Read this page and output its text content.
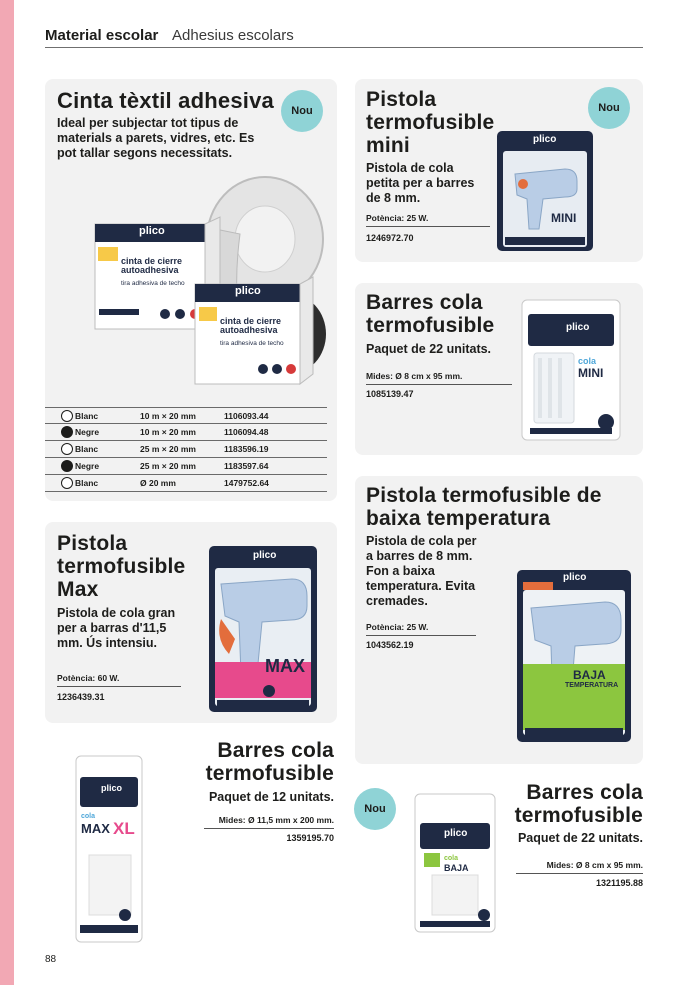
Material escolar Adhesius escolars
Cinta tèxtil adhesiva
Ideal per subjectar tot tipus de materials a parets, vidres, etc. Es pot tallar segons necessitats.
Nou
plico
cinta de cierre autoadhesiva
tira adhesiva de techo
plico
cinta de cierre autoadhesiva
tira adhesiva de techo
Blanc	10 m × 20 mm	1106093.44
Negre	10 m × 20 mm	1106094.48
Blanc	25 m × 20 mm	1183596.19
Negre	25 m × 20 mm	1183597.64
Blanc	Ø 20 mm	1479752.64
Pistola
termofusible
mini
Pistola de cola petita per a barres de 8 mm.
Potència: 25 W.
1246972.70
Nou
plico
MINI
Barres cola
termofusible
Paquet de 22 unitats.
Mides: Ø 8 cm x 95 mm.
1085139.47
plico
cola
MINI
Pistola
termofusible
Max
Pistola de cola gran per a barras d'11,5 mm. Ús intensiu.
Potència: 60 W.
1236439.31
plico
MAX
Pistola termofusible de
baixa temperatura
Pistola de cola per a barres de 8 mm. Fon a baixa temperatura. Evita cremades.
Potència: 25 W.
1043562.19
plico
BAJA
TEMPERATURA
plico
cola
MAX XL
Barres cola
termofusible
Paquet de 12 unitats.
Mides: Ø 11,5 mm x 200 mm.
1359195.70
Nou
plico
cola
BAJA
Barres cola
termofusible
Paquet de 22 unitats.
Mides: Ø 8 cm x 95 mm.
1321195.88
88
